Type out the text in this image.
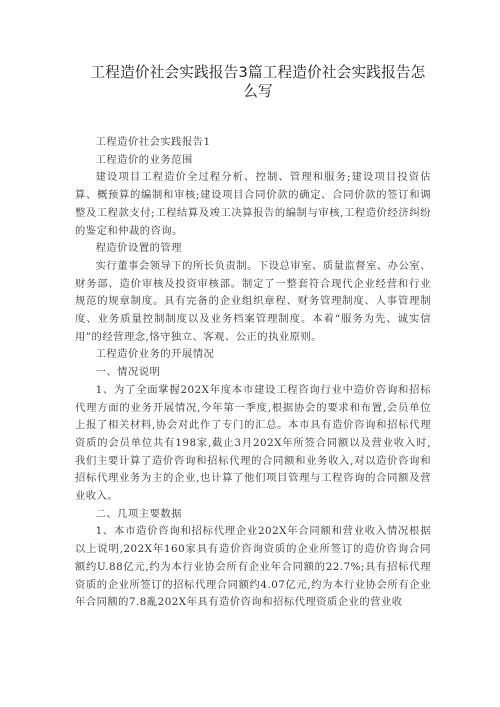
工程造价社会实践报告3篇工程造价社会实践报告怎么写

工程造价社会实践报告1

工程造价的业务范围

建设项目工程造价全过程分析、控制、管理和服务;建设项目投资估算、概预算的编制和审核;建设项目合同价款的确定、合同价款的签订和调整及工程款支付;工程结算及竣工决算报告的编制与审核,工程造价经济纠纷的鉴定和仲裁的咨询。

程造价设置的管理

实行董事会领导下的所长负责制。下设总审室、质量监督室、办公室、财务部、造价审核及投资审核部。制定了一整套符合现代企业经营和行业规范的规章制度。具有完备的企业组织章程、财务管理制度、人事管理制度、业务质量控制制度以及业务档案管理制度。本着“服务为先、诚实信用”的经营理念,恪守独立、客观、公正的执业原则。

工程造价业务的开展情况

一、情况说明

1、为了全面掌握202X年度本市建设工程咨询行业中造价咨询和招标代理方面的业务开展情况,今年第一季度,根据协会的要求和布置,会员单位上报了相关材料,协会对此作了专门的汇总。本市具有造价咨询和招标代理资质的会员单位共有198家,截止3月202X年所签合同额以及营业收入时,我们主要计算了造价咨询和招标代理的合同额和业务收入,对以造价咨询和招标代理业务为主的企业,也计算了他们项目管理与工程咨询的合同额及营业收入。

二、几项主要数据

1、本市造价咨询和招标代理企业202X年合同额和营业收入情况根据以上说明,202X年160家具有造价咨询资质的企业所签订的造价咨询合同额约U.88亿元,约为本行业协会所有企业年合同额的22.7%;具有招标代理资质的企业所签订的招标代理合同额约4.07亿元,约为本行业协会所有企业年合同额的7.8亂202X年具有造价咨询和招标代理资质企业的营业收
